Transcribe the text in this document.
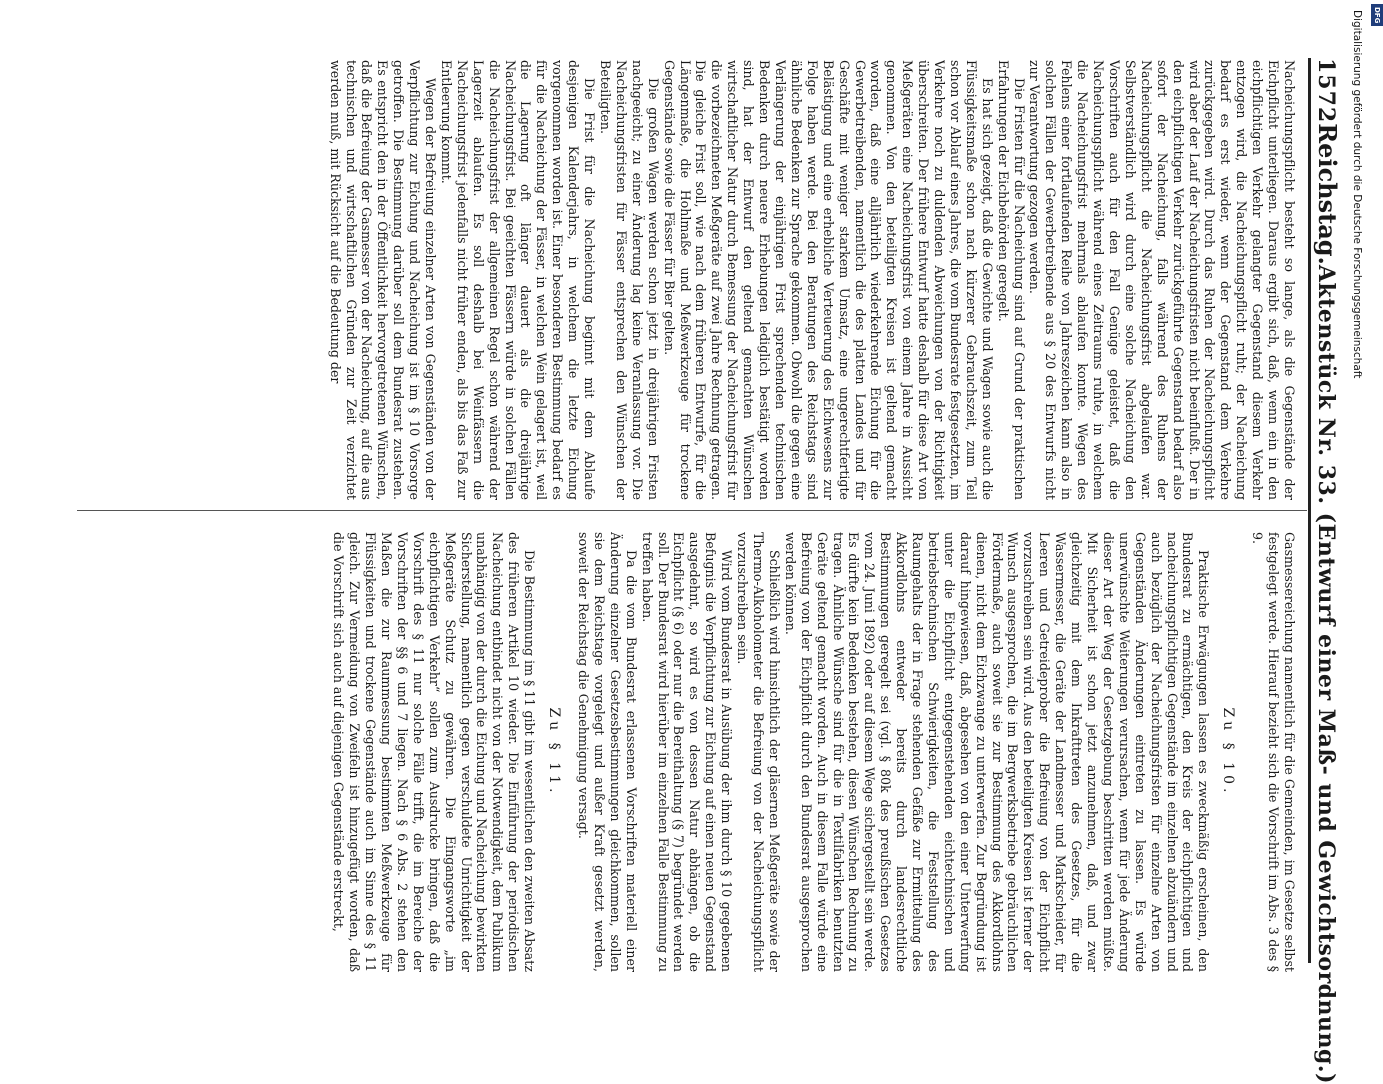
1572
Reichstag.
Aktenstück Nr. 33. (Entwurf einer Maß- und Gewichtsordnung.)

Nacheichungspflicht besteht so lange, als die Gegenstände der Eichpflicht unterliegen. Daraus ergibt sich, daß, wenn ein in den eichpflichtigen Verkehr gelangter Gegenstand diesem Verkehr entzogen wird, die Nacheichungspflicht ruht; der Nacheichung bedarf es erst wieder, wenn der Gegenstand dem Verkehre zurückgegeben wird. Durch das Ruhen der Nacheichungspflicht wird aber der Lauf der Nacheichungsfristen nicht beeinflußt. Der in den eichpflichtigen Verkehr zurückgeführte Gegenstand bedarf also sofort der Nacheichung, falls während des Ruhens der Nacheichungspflicht die Nacheichungsfrist abgelaufen war. Selbstverständlich wird durch eine solche Nacheichung den Vorschriften auch für den Fall Genüge geleistet, daß die Nacheichungspflicht während eines Zeitraums ruhte, in welchem die Nacheichungsfrist mehrmals ablaufen konnte. Wegen des Fehlens einer fortlaufenden Reihe von Jahreszeichen kann also in solchen Fällen der Gewerbetreibende aus § 20 des Entwurfs nicht zur Verantwortung gezogen werden.

Die Fristen für die Nacheichung sind auf Grund der praktischen Erfahrungen der Eichbehörden geregelt.

Es hat sich gezeigt, daß die Gewichte und Wagen sowie auch die Flüssigkeitsmaße schon nach kürzerer Gebrauchszeit, zum Teil schon vor Ablauf eines Jahres, die vom Bundesrate festgesetzten, im Verkehre noch zu duldenden Abweichungen von der Richtigkeit überschreiten. Der frühere Entwurf hatte deshalb für diese Art von Meßgeräten eine Nacheichungsfrist von einem Jahre in Aussicht genommen. Von den beteiligten Kreisen ist geltend gemacht worden, daß eine alljährlich wiederkehrende Eichung für die Gewerbetreibenden, namentlich die des platten Landes und für Geschäfte mit weniger starkem Umsatz, eine ungerechtfertigte Belästigung und eine erhebliche Verteuerung des Eichwesens zur Folge haben werde. Bei den Beratungen des Reichstags sind ähnliche Bedenken zur Sprache gekommen. Obwohl die gegen eine Verlängerung der einjährigen Frist sprechenden technischen Bedenken durch neuere Erhebungen lediglich bestätigt worden sind, hat der Entwurf den geltend gemachten Wünschen wirtschaftlicher Natur durch Bemessung der Nacheichungsfrist für die vorbezeichneten Meßgeräte auf zwei Jahre Rechnung getragen. Die gleiche Frist soll, wie nach dem früheren Entwurfe, für die Längenmaße, die Hohlmaße und Meßwerkzeuge für trockene Gegenstände sowie die Fässer für Bier gelten.

Die großen Wagen werden schon jetzt in dreijährigen Fristen nachgeeicht; zu einer Änderung lag keine Veranlassung vor. Die Nacheichungsfristen für Fässer entsprechen den Wünschen der Beteiligten.

Die Frist für die Nacheichung beginnt mit dem Ablaufe desjenigen Kalenderjahrs, in welchem die letzte Eichung vorgenommen worden ist. Einer besonderen Bestimmung bedarf es für die Nacheichung der Fässer, in welchen Wein gelagert ist, weil die Lagerung oft länger dauert als die dreijährige Nacheichungsfrist. Bei geeichten Fässern würde in solchen Fällen die Nacheichungsfrist der allgemeinen Regel schon während der Lagerzeit ablaufen. Es soll deshalb bei Weinfässern die Nacheichungsfrist jedenfalls nicht früher enden, als bis das Faß zur Entleerung kommt.

Wegen der Befreiung einzelner Arten von Gegenständen von der Verpflichtung zur Eichung und Nacheichung ist im § 10 Vorsorge getroffen. Die Bestimmung darüber soll dem Bundesrat zustehen. Es entspricht den in der Öffentlichkeit hervorgetretenen Wünschen, daß die Befreiung der Gasmesser von der Nacheichung, auf die aus technischen und wirtschaftlichen Gründen zur Zeit verzichtet werden muß, mit Rücksicht auf die Bedeutung der

Gasmessereichung namentlich für die Gemeinden, im Gesetze selbst festgelegt werde. Hierauf bezieht sich die Vorschrift im Abs. 3 des § 9.

Zu § 10.

Praktische Erwägungen lassen es zweckmäßig erscheinen, den Bundesrat zu ermächtigen, den Kreis der eichpflichtigen und nacheichungspflichtigen Gegenstände im einzelnen abzuändern und auch bezüglich der Nacheichungsfristen für einzelne Arten von Gegenständen Änderungen eintreten zu lassen. Es würde unerwünschte Weiterungen verursachen, wenn für jede Änderung dieser Art der Weg der Gesetzgebung beschritten werden müßte. Mit Sicherheit ist schon jetzt anzunehmen, daß, und zwar gleichzeitig mit dem Inkrafttreten des Gesetzes, für die Wassermesser, die Geräte der Landmesser und Markscheider, für Leeren und Getreideprober die Befreiung von der Eichpflicht vorzuschreiben sein wird. Aus den beteiligten Kreisen ist ferner der Wunsch ausgesprochen, die im Bergwerksbetriebe gebräuchlichen Fördermaße, auch soweit sie zur Bestimmung des Akkordlohns dienen, nicht dem Eichzwange zu unterwerfen. Zur Begründung ist darauf hingewiesen, daß, abgesehen von den einer Unterwerfung unter die Eichpflicht entgegenstehenden eichtechnischen und betriebstechnischen Schwierigkeiten, die Feststellung des Raumgehalts der in Frage stehenden Gefäße zur Ermittelung des Akkordlohns entweder bereits durch landesrechtliche Bestimmungen geregelt sei (vgl. § 80k des preußischen Gesetzes vom 24. Juni 1892) oder auf diesem Wege sichergestellt sein werde. Es dürfte kein Bedenken bestehen, diesen Wünschen Rechnung zu tragen. Ähnliche Wünsche sind für die in Textilfabriken benutzten Geräte geltend gemacht worden. Auch in diesem Falle würde eine Befreiung von der Eichpflicht durch den Bundesrat ausgesprochen werden können.

Schließlich wird hinsichtlich der gläsernen Meßgeräte sowie der Thermo-Alkoholometer die Befreiung von der Nacheichungspflicht vorzuschreiben sein.

Wird vom Bundesrat in Ausübung der ihm durch § 10 gegebenen Befugnis die Verpflichtung zur Eichung auf einen neuen Gegenstand ausgedehnt, so wird es von dessen Natur abhängen, ob die Eichpflicht (§ 6) oder nur die Bereithaltung (§ 7) begründet werden soll. Der Bundesrat wird hierüber im einzelnen Falle Bestimmung zu treffen haben.

Da die vom Bundesrat erlassenen Vorschriften materiell einer Änderung einzelner Gesetzesbestimmungen gleichkommen, sollen sie dem Reichstage vorgelegt und außer Kraft gesetzt werden, soweit der Reichstag die Genehmigung versagt.

Zu § 11.

Die Bestimmung im § 11 gibt im wesentlichen den zweiten Absatz des früheren Artikel 10 wieder. Die Einführung der periodischen Nacheichung entbindet nicht von der Notwendigkeit, dem Publikum unabhängig von der durch die Eichung und Nacheichung bewirkten Sicherstellung, namentlich gegen verschuldete Unrichtigkeit der Meßgeräte Schutz zu gewähren. Die Eingangsworte „im eichpflichtigen Verkehr“ sollen zum Ausdrucke bringen, daß die Vorschrift des § 11 nur solche Fälle trifft, die im Bereiche der Vorschriften der §§ 6 und 7 liegen. Nach § 6 Abs. 2 stehen den Maßen die zur Raummessung bestimmten Meßwerkzeuge für Flüssigkeiten und trockene Gegenstände auch im Sinne des § 11 gleich. Zur Vermeidung von Zweifeln ist hinzugefügt worden, daß die Vorschrift sich auch auf diejenigen Gegenstände erstreckt,

DFG
Digitalisierung gefördert durch die Deutsche Forschungsgemeinschaft
